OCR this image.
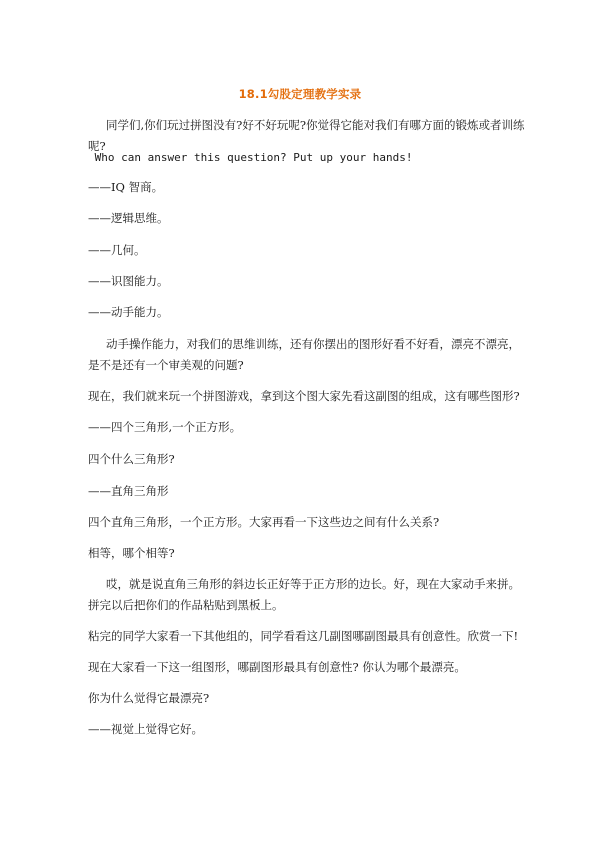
18.1勾股定理教学实录

同学们,你们玩过拼图没有?好不好玩呢?你觉得它能对我们有哪方面的锻炼或者训练呢?

Who can answer this question? Put up your hands!

——IQ 智商。

——逻辑思维。

——几何。

——识图能力。

——动手能力。

动手操作能力，对我们的思维训练，还有你摆出的图形好看不好看，漂亮不漂亮，是不是还有一个审美观的问题?

现在，我们就来玩一个拼图游戏，拿到这个图大家先看这副图的组成，这有哪些图形?

——四个三角形,一个正方形。

四个什么三角形?

——直角三角形

四个直角三角形，一个正方形。大家再看一下这些边之间有什么关系?

相等，哪个相等?

哎，就是说直角三角形的斜边长正好等于正方形的边长。好，现在大家动手来拼。拼完以后把你们的作品粘贴到黑板上。

粘完的同学大家看一下其他组的，同学看看这几副图哪副图最具有创意性。欣赏一下!

现在大家看一下这一组图形，哪副图形最具有创意性? 你认为哪个最漂亮。

你为什么觉得它最漂亮?

——视觉上觉得它好。
